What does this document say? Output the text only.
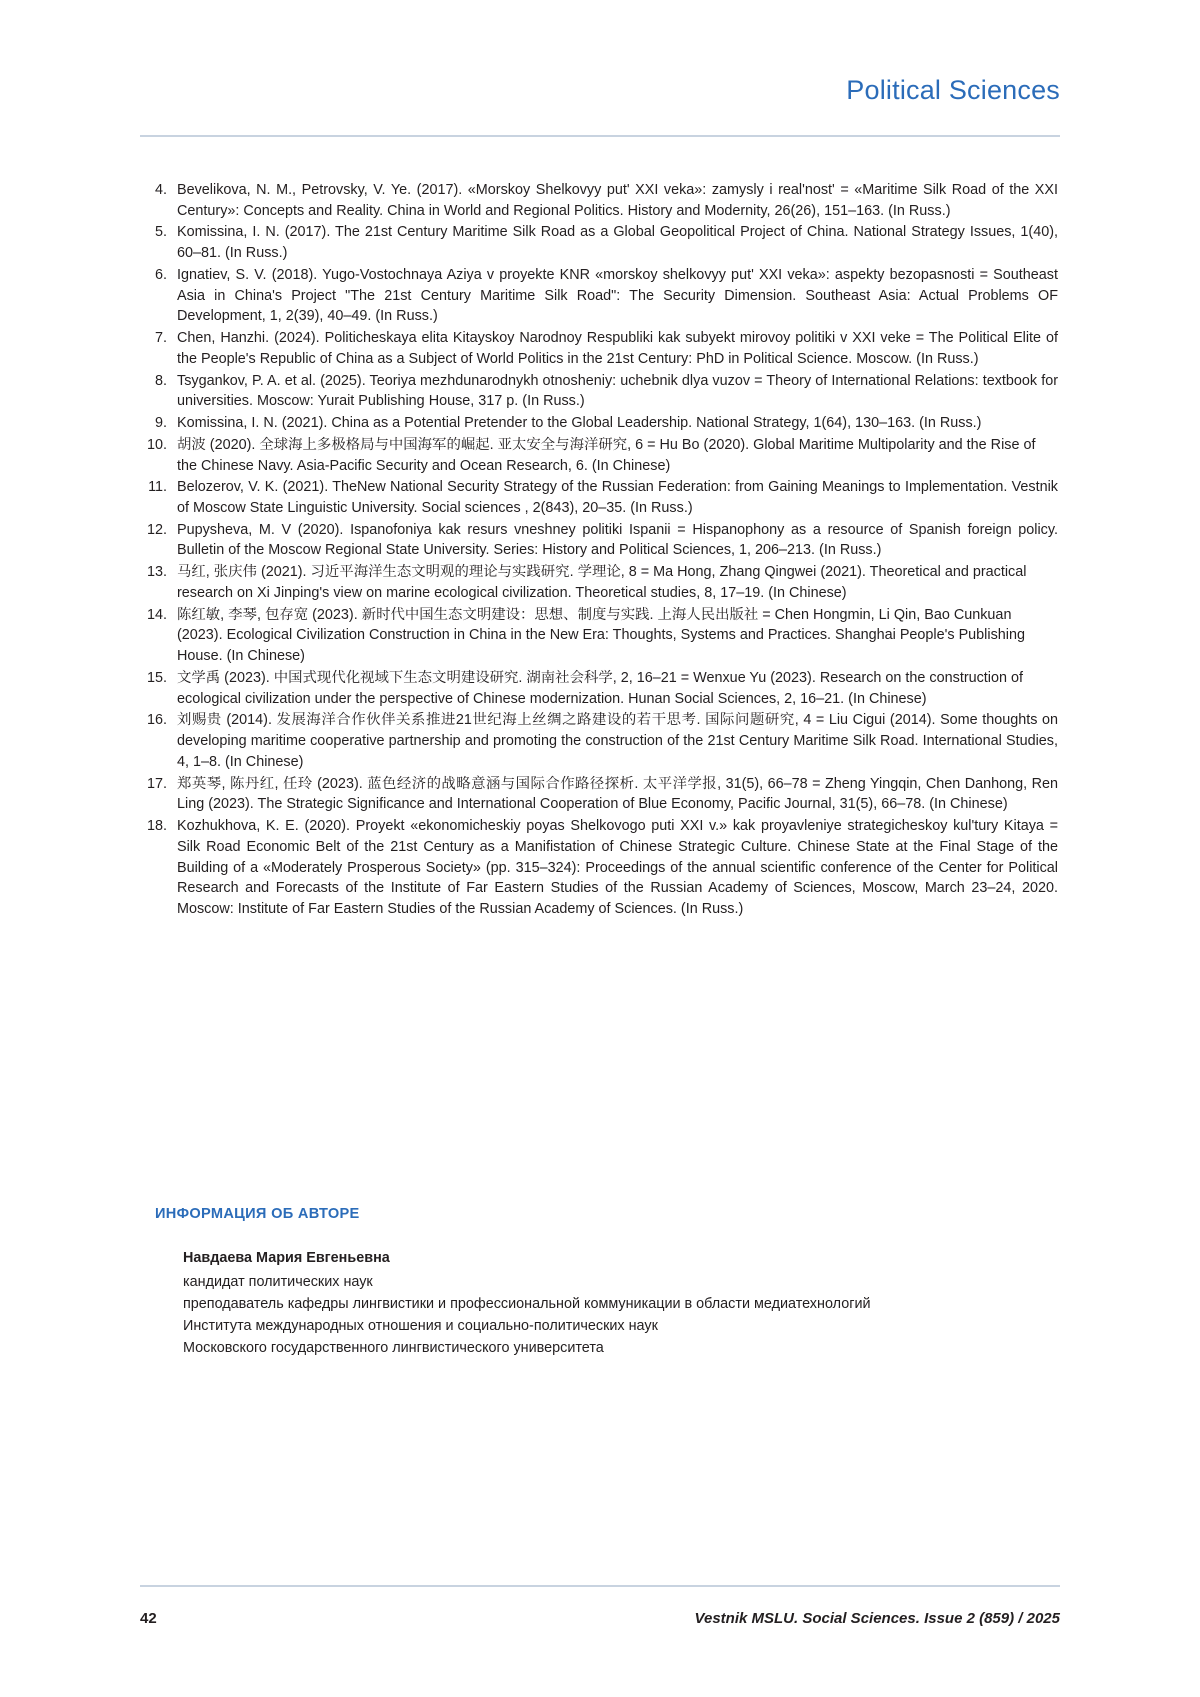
Political Sciences
4. Bevelikova, N. M., Petrovsky, V. Ye. (2017). «Morskoy Shelkovyy put' XXI veka»: zamysly i real'nost' = «Maritime Silk Road of the XXI Century»: Concepts and Reality. China in World and Regional Politics. History and Modernity, 26(26), 151–163. (In Russ.)
5. Komissina, I. N. (2017). The 21st Century Maritime Silk Road as a Global Geopolitical Project of China. National Strategy Issues, 1(40), 60–81. (In Russ.)
6. Ignatiev, S. V. (2018). Yugo-Vostochnaya Aziya v proyekte KNR «morskoy shelkovyy put' XXI veka»: aspekty bezopasnosti = Southeast Asia in China's Project "The 21st Century Maritime Silk Road": The Security Dimension. Southeast Asia: Actual Problems OF Development, 1, 2(39), 40–49. (In Russ.)
7. Chen, Hanzhi. (2024). Politicheskaya elita Kitayskoy Narodnoy Respubliki kak subyekt mirovoy politiki v XXI veke = The Political Elite of the People's Republic of China as a Subject of World Politics in the 21st Century: PhD in Political Science. Moscow. (In Russ.)
8. Tsygankov, P. A. et al. (2025). Teoriya mezhdunarodnykh otnosheniy: uchebnik dlya vuzov = Theory of International Relations: textbook for universities. Moscow: Yurait Publishing House, 317 p. (In Russ.)
9. Komissina, I. N. (2021). China as a Potential Pretender to the Global Leadership. National Strategy, 1(64), 130–163. (In Russ.)
10. 胡波 (2020). 全球海上多极格局与中国海军的崛起. 亚太安全与海洋研究, 6 = Hu Bo (2020). Global Maritime Multipolarity and the Rise of the Chinese Navy. Asia-Pacific Security and Ocean Research, 6. (In Chinese)
11. Belozerov, V. K. (2021). TheNew National Security Strategy of the Russian Federation: from Gaining Meanings to Implementation. Vestnik of Moscow State Linguistic University. Social sciences , 2(843), 20–35. (In Russ.)
12. Pupysheva, M. V (2020). Ispanofoniya kak resurs vneshney politiki Ispanii = Hispanophony as a resource of Spanish foreign policy. Bulletin of the Moscow Regional State University. Series: History and Political Sciences, 1, 206–213. (In Russ.)
13. 马红, 张庆伟 (2021). 习近平海洋生态文明观的理论与实践研究. 学理论, 8 = Ma Hong, Zhang Qingwei (2021). Theoretical and practical research on Xi Jinping's view on marine ecological civilization. Theoretical studies, 8, 17–19. (In Chinese)
14. 陈红敏, 李琴, 包存宽 (2023). 新时代中国生态文明建设：思想、制度与实践. 上海人民出版社 = Chen Hongmin, Li Qin, Bao Cunkuan (2023). Ecological Civilization Construction in China in the New Era: Thoughts, Systems and Practices. Shanghai People's Publishing House. (In Chinese)
15. 文学禹 (2023). 中国式现代化视域下生态文明建设研究. 湖南社会科学, 2, 16–21 = Wenxue Yu (2023). Research on the construction of ecological civilization under the perspective of Chinese modernization. Hunan Social Sciences, 2, 16–21. (In Chinese)
16. 刘赐贵 (2014). 发展海洋合作伙伴关系推进21世纪海上丝绸之路建设的若干思考. 国际问题研究, 4 = Liu Cigui (2014). Some thoughts on developing maritime cooperative partnership and promoting the construction of the 21st Century Maritime Silk Road. International Studies, 4, 1–8. (In Chinese)
17. 郑英琴, 陈丹红, 任玲 (2023). 蓝色经济的战略意涵与国际合作路径探析. 太平洋学报, 31(5), 66–78 = Zheng Yingqin, Chen Danhong, Ren Ling (2023). The Strategic Significance and International Cooperation of Blue Economy, Pacific Journal, 31(5), 66–78. (In Chinese)
18. Kozhukhova, K. E. (2020). Proyekt «ekonomicheskiy poyas Shelkovogo puti XXI v.» kak proyavleniye strategicheskoy kul'tury Kitaya = Silk Road Economic Belt of the 21st Century as a Manifistation of Chinese Strategic Culture. Chinese State at the Final Stage of the Building of a «Moderately Prosperous Society» (pp. 315–324): Proceedings of the annual scientific conference of the Center for Political Research and Forecasts of the Institute of Far Eastern Studies of the Russian Academy of Sciences, Moscow, March 23–24, 2020. Moscow: Institute of Far Eastern Studies of the Russian Academy of Sciences. (In Russ.)
ИНФОРМАЦИЯ ОБ АВТОРЕ
Навдаева Мария Евгеньевна
кандидат политических наук
преподаватель кафедры лингвистики и профессиональной коммуникации в области медиатехнологий
Института международных отношения и социально-политических наук
Московского государственного лингвистического университета
42	Vestnik MSLU. Social Sciences. Issue 2 (859) / 2025
